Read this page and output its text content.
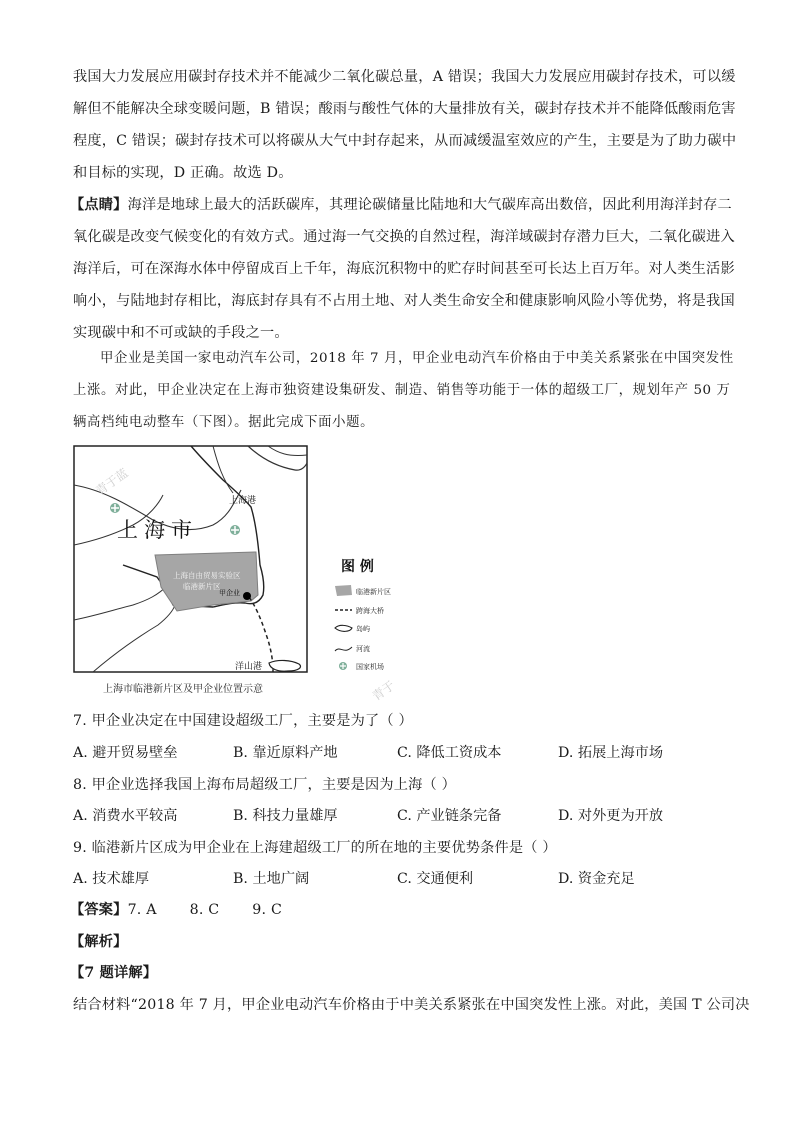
我国大力发展应用碳封存技术并不能减少二氧化碳总量，A 错误；我国大力发展应用碳封存技术，可以缓
解但不能解决全球变暖问题，B 错误；酸雨与酸性气体的大量排放有关，碳封存技术并不能降低酸雨危害
程度，C 错误；碳封存技术可以将碳从大气中封存起来，从而减缓温室效应的产生，主要是为了助力碳中
和目标的实现，D 正确。故选 D。
【点睛】海洋是地球上最大的活跃碳库，其理论碳储量比陆地和大气碳库高出数倍，因此利用海洋封存二
氧化碳是改变气候变化的有效方式。通过海一气交换的自然过程，海洋域碳封存潜力巨大，二氧化碳进入
海洋后，可在深海水体中停留成百上千年，海底沉积物中的贮存时间甚至可长达上百万年。对人类生活影
响小，与陆地封存相比，海底封存具有不占用土地、对人类生命安全和健康影响风险小等优势，将是我国
实现碳中和不可或缺的手段之一。
甲企业是美国一家电动汽车公司，2018 年 7 月，甲企业电动汽车价格由于中美关系紧张在中国突发性
上涨。对此，甲企业决定在上海市独资建设集研发、制造、销售等功能于一体的超级工厂，规划年产 50 万
辆高档纯电动整车（下图）。据此完成下面小题。
上海市
上海港
上海自由贸易实验区
临港新片区
甲企业
洋山港
上海市临港新片区及甲企业位置示意
图 例
临港新片区
跨海大桥
岛屿
河流
国家机场
青于蓝
青于
7. 甲企业决定在中国建设超级工厂，主要是为了（ ）
A. 避开贸易壁垒	B. 靠近原料产地	C. 降低工资成本	D. 拓展上海市场
8. 甲企业选择我国上海布局超级工厂，主要是因为上海（ ）
A. 消费水平较高	B. 科技力量雄厚	C. 产业链条完备	D. 对外更为开放
9. 临港新片区成为甲企业在上海建超级工厂的所在地的主要优势条件是（ ）
A. 技术雄厚	B. 土地广阔	C. 交通便利	D. 资金充足
【答案】7. A       8. C       9. C
【解析】
【7 题详解】
结合材料“2018 年 7 月，甲企业电动汽车价格由于中美关系紧张在中国突发性上涨。对此，美国 T 公司决
